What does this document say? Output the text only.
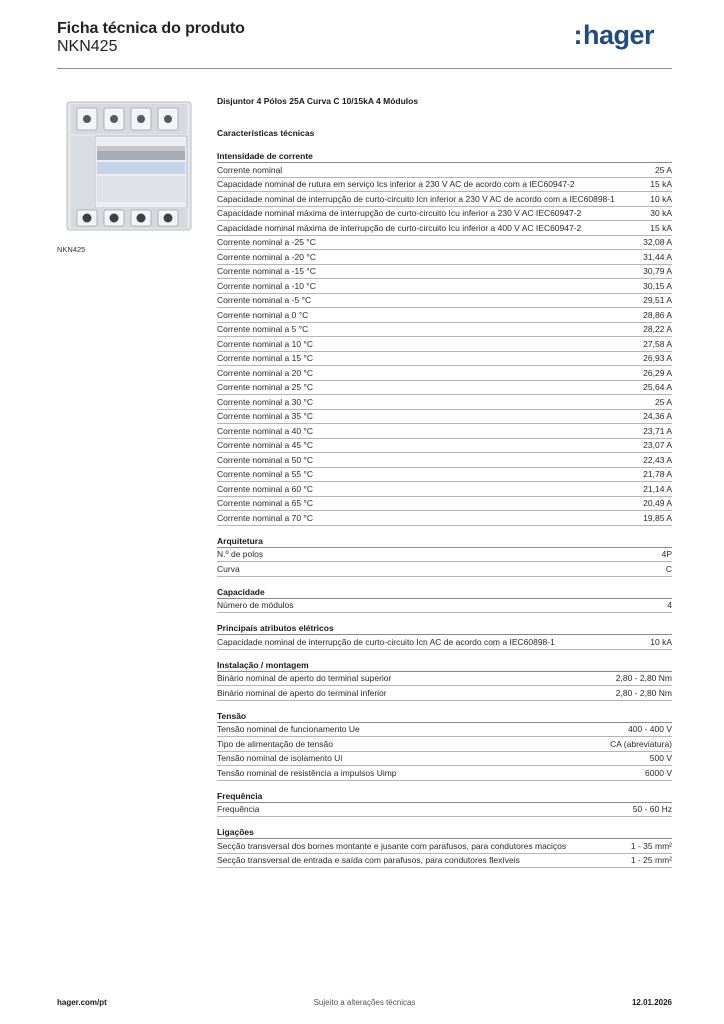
Ficha técnica do produto
NKN425	:hager
NKN425
Disjuntor 4 Pólos 25A Curva C 10/15kA 4 Módulos
Características técnicas
Intensidade de corrente
Corrente nominal	25 A
Capacidade nominal de rutura em serviço Ics inferior a 230 V AC de acordo com a IEC60947-2	15 kA
Capacidade nominal de interrupção de curto-circuito Icn inferior a 230 V AC de acordo com a IEC60898-1	10 kA
Capacidade nominal máxima de interrupção de curto-circuito Icu inferior a 230 V AC IEC60947-2	30 kA
Capacidade nominal máxima de interrupção de curto-circuito Icu inferior a 400 V AC IEC60947-2	15 kA
Corrente nominal a -25 °C	32,08 A
Corrente nominal a -20 °C	31,44 A
Corrente nominal a -15 °C	30,79 A
Corrente nominal a -10 °C	30,15 A
Corrente nominal a -5 °C	29,51 A
Corrente nominal a 0 °C	28,86 A
Corrente nominal a 5 °C	28,22 A
Corrente nominal a 10 °C	27,58 A
Corrente nominal a 15 °C	26,93 A
Corrente nominal a 20 °C	26,29 A
Corrente nominal a 25 °C	25,64 A
Corrente nominal a 30 °C	25 A
Corrente nominal a 35 °C	24,36 A
Corrente nominal a 40 °C	23,71 A
Corrente nominal a 45 °C	23,07 A
Corrente nominal a 50 °C	22,43 A
Corrente nominal a 55 °C	21,78 A
Corrente nominal a 60 °C	21,14 A
Corrente nominal a 65 °C	20,49 A
Corrente nominal a 70 °C	19,85 A
Arquitetura
N.º de polos	4P
Curva	C
Capacidade
Número de módulos	4
Principais atributos elétricos
Capacidade nominal de interrupção de curto-circuito Icn AC de acordo com a IEC60898-1	10 kA
Instalação / montagem
Binário nominal de aperto do terminal superior	2,80 - 2,80 Nm
Binário nominal de aperto do terminal inferior	2,80 - 2,80 Nm
Tensão
Tensão nominal de funcionamento Ue	400 - 400 V
Tipo de alimentação de tensão	CA (abreviatura)
Tensão nominal de isolamento Ui	500 V
Tensão nominal de resistência a impulsos Uimp	6000 V
Frequência
Frequência	50 - 60 Hz
Ligações
Secção transversal dos bornes montante e jusante com parafusos, para condutores maciços	1 - 35 mm²
Secção transversal de entrada e saída com parafusos, para condutores flexíveis	1 - 25 mm²
Sujeito a alterações técnicas
hager.com/pt	12.01.2026
